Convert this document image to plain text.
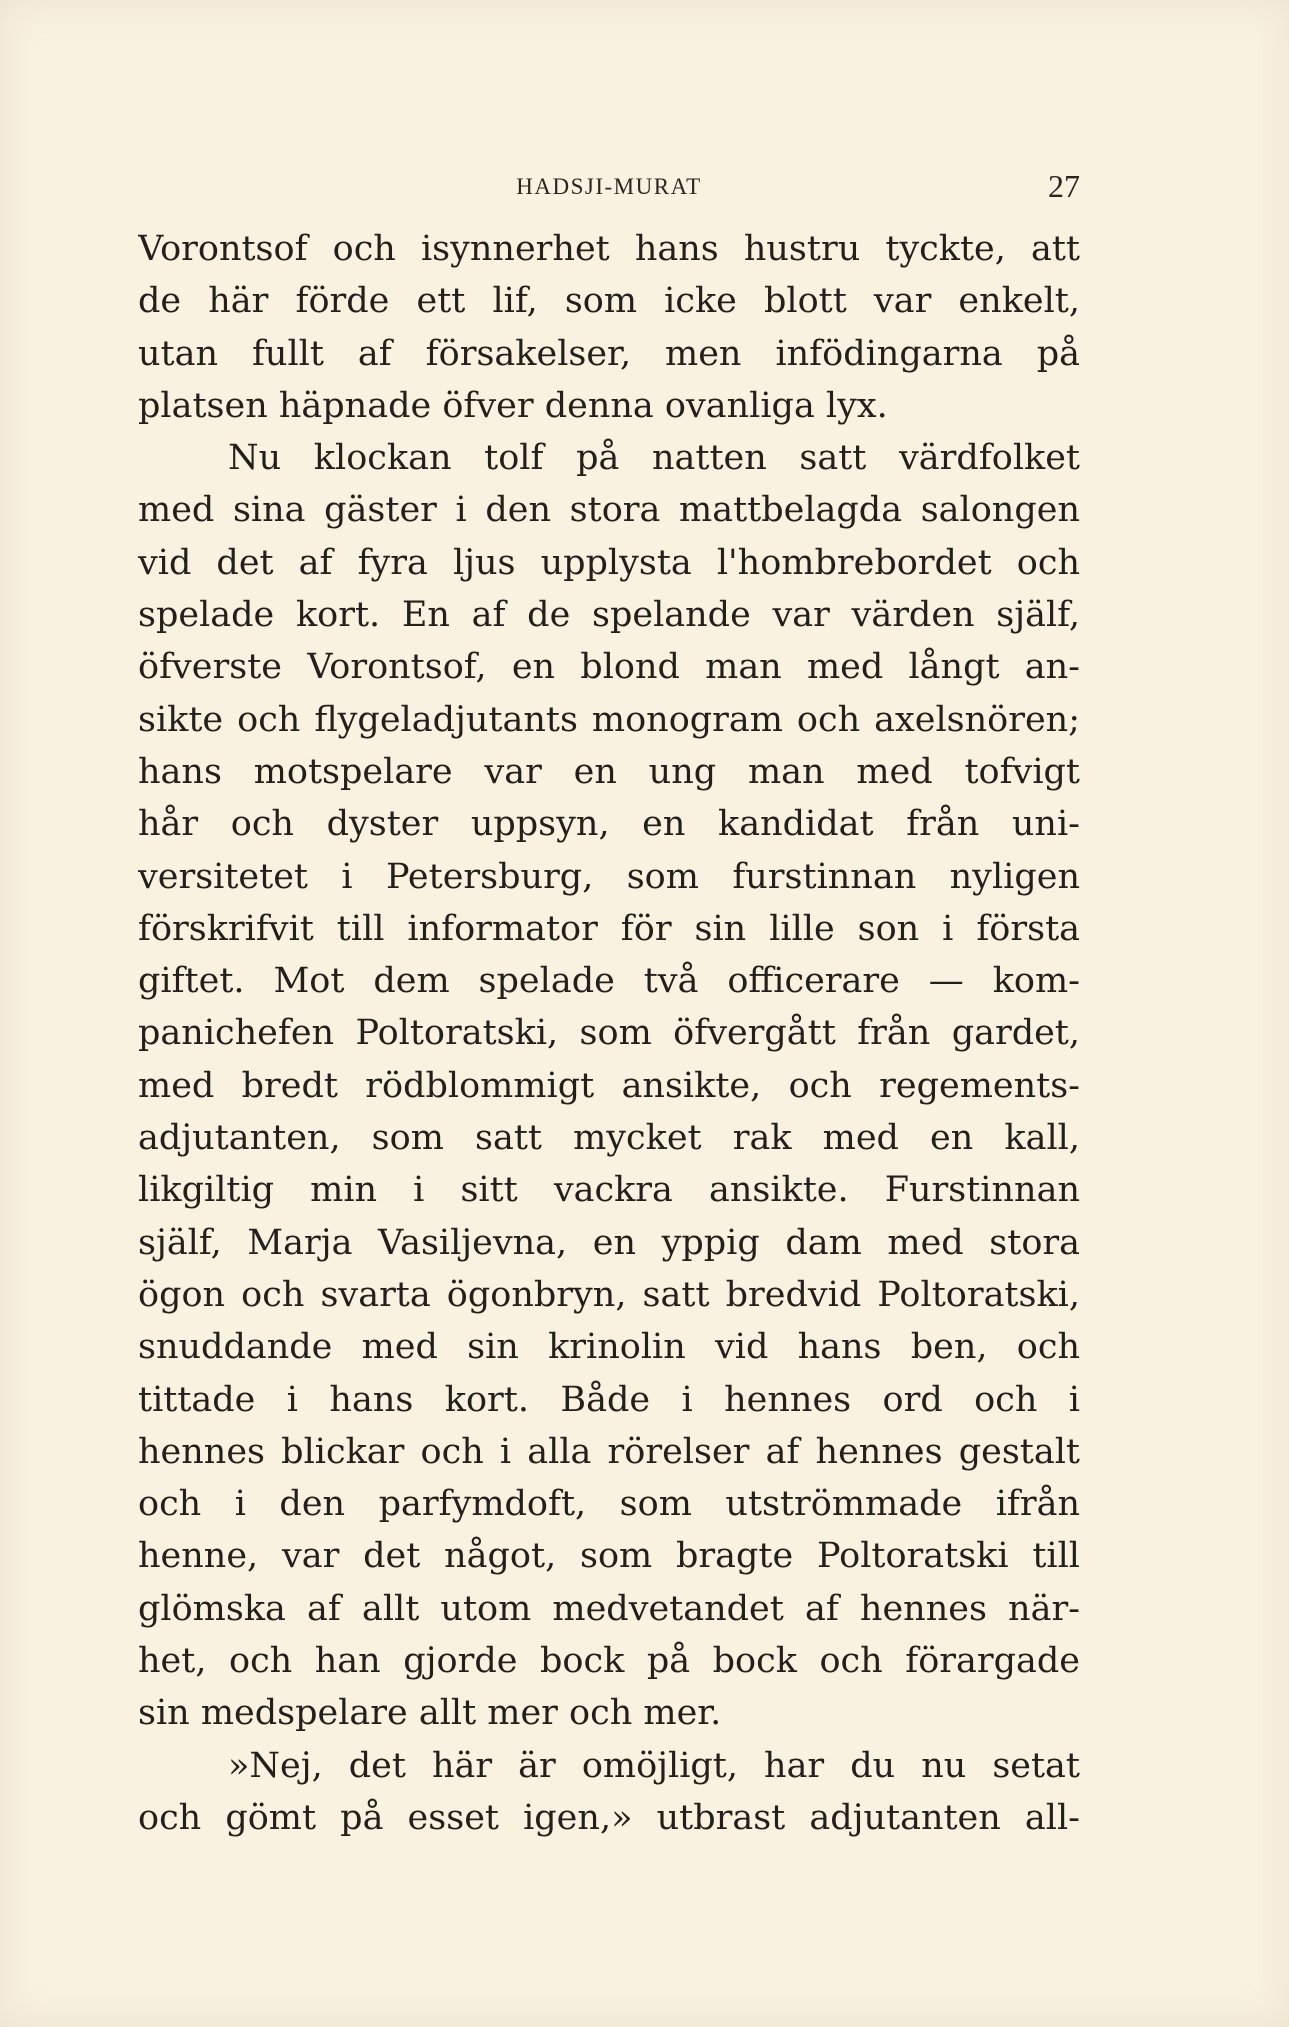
HADSJI-MURAT	27
Vorontsof och isynnerhet hans hustru tyckte, att
de här förde ett lif, som icke blott var enkelt,
utan fullt af försakelser, men infödingarna på
platsen häpnade öfver denna ovanliga lyx.
Nu klockan tolf på natten satt värdfolket
med sina gäster i den stora mattbelagda salongen
vid det af fyra ljus upplysta l'hombrebordet och
spelade kort. En af de spelande var värden själf,
öfverste Vorontsof, en blond man med långt an-
sikte och flygeladjutants monogram och axelsnören;
hans motspelare var en ung man med tofvigt
hår och dyster uppsyn, en kandidat från uni-
versitetet i Petersburg, som furstinnan nyligen
förskrifvit till informator för sin lille son i första
giftet. Mot dem spelade två officerare — kom-
panichefen Poltoratski, som öfvergått från gardet,
med bredt rödblommigt ansikte, och regements-
adjutanten, som satt mycket rak med en kall,
likgiltig min i sitt vackra ansikte. Furstinnan
själf, Marja Vasiljevna, en yppig dam med stora
ögon och svarta ögonbryn, satt bredvid Poltoratski,
snuddande med sin krinolin vid hans ben, och
tittade i hans kort. Både i hennes ord och i
hennes blickar och i alla rörelser af hennes gestalt
och i den parfymdoft, som utströmmade ifrån
henne, var det något, som bragte Poltoratski till
glömska af allt utom medvetandet af hennes när-
het, och han gjorde bock på bock och förargade
sin medspelare allt mer och mer.
»Nej, det här är omöjligt, har du nu setat
och gömt på esset igen,» utbrast adjutanten all-
